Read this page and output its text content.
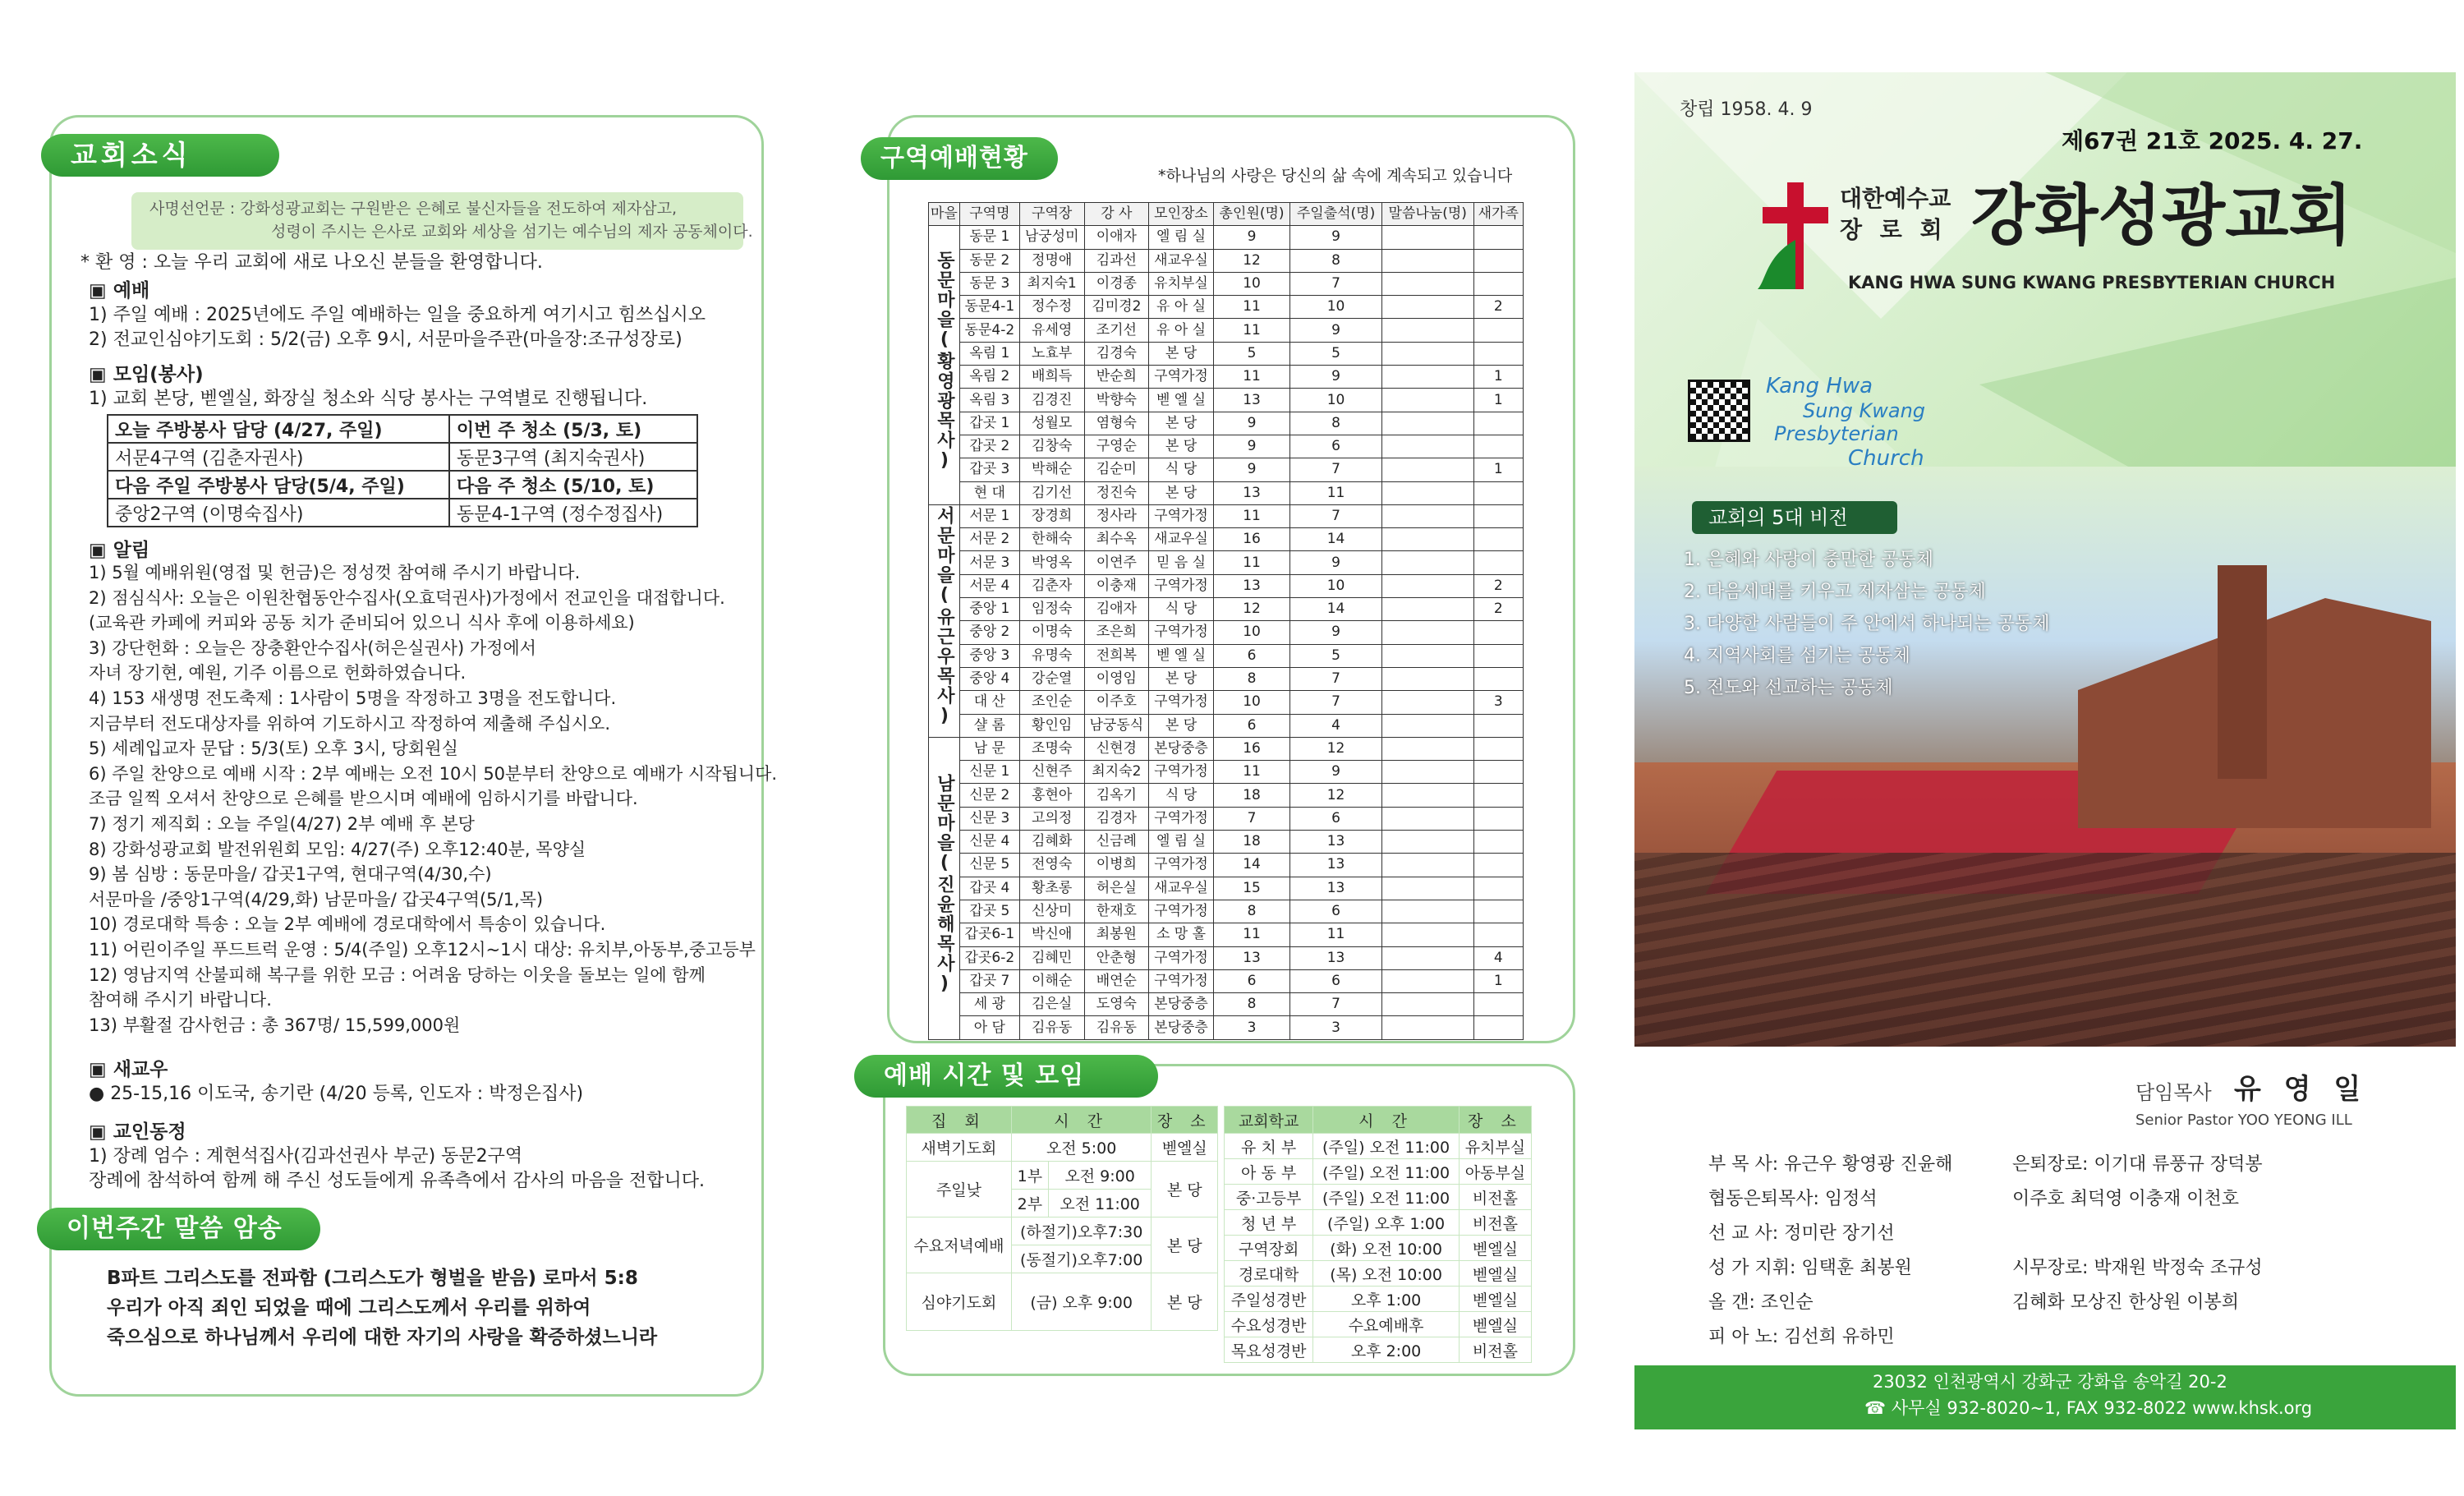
교회소식
사명선언문 : 강화성광교회는 구원받은 은혜로 불신자들을 전도하여 제자삼고,
성령이 주시는 은사로 교회와 세상을 섬기는 예수님의 제자 공동체이다.
* 환 영 : 오늘 우리 교회에 새로 나오신 분들을 환영합니다.
▣ 예배
1) 주일 예배 : 2025년에도 주일 예배하는 일을 중요하게 여기시고 힘쓰십시오
2) 전교인심야기도회 : 5/2(금) 오후 9시, 서문마을주관(마을장:조규성장로)
▣ 모임(봉사)
1) 교회 본당, 벧엘실, 화장실 청소와 식당 봉사는 구역별로 진행됩니다.
오늘 주방봉사 담당 (4/27, 주일)	이번 주 청소 (5/3, 토)
서문4구역 (김춘자권사)	동문3구역 (최지숙권사)
다음 주일 주방봉사 담당(5/4, 주일)	다음 주 청소 (5/10, 토)
중앙2구역 (이명숙집사)	동문4-1구역 (정수정집사)
▣ 알림
1) 5월 예배위원(영접 및 헌금)은 정성껏 참여해 주시기 바랍니다.
2) 점심식사: 오늘은 이원찬협동안수집사(오효덕권사)가정에서 전교인을 대접합니다.
(교육관 카페에 커피와 공동 치가 준비되어 있으니 식사 후에 이용하세요)
3) 강단헌화 : 오늘은 장충환안수집사(허은실권사) 가정에서
자녀 장기현, 예원, 기주 이름으로 헌화하였습니다.
4) 153 새생명 전도축제 : 1사람이 5명을 작정하고 3명을 전도합니다.
지금부터 전도대상자를 위하여 기도하시고 작정하여 제출해 주십시오.
5) 세례입교자 문답 : 5/3(토) 오후 3시, 당회원실
6) 주일 찬양으로 예배 시작 : 2부 예배는 오전 10시 50분부터 찬양으로 예배가 시작됩니다.
조금 일찍 오셔서 찬양으로 은혜를 받으시며 예배에 임하시기를 바랍니다.
7) 정기 제직회 : 오늘 주일(4/27) 2부 예배 후 본당
8) 강화성광교회 발전위원회 모임: 4/27(주) 오후12:40분, 목양실
9) 봄 심방 : 동문마을/ 갑곳1구역, 현대구역(4/30,수)
서문마을 /중앙1구역(4/29,화) 남문마을/ 갑곳4구역(5/1,목)
10) 경로대학 특송 : 오늘 2부 예배에 경로대학에서 특송이 있습니다.
11) 어린이주일 푸드트럭 운영 : 5/4(주일) 오후12시~1시 대상: 유치부,아동부,중고등부
12) 영남지역 산불피해 복구를 위한 모금 : 어려움 당하는 이웃을 돌보는 일에 함께
참여해 주시기 바랍니다.
13) 부활절 감사헌금 : 총 367명/ 15,599,000원
▣ 새교우
● 25-15,16 이도국, 송기란 (4/20 등록, 인도자 : 박정은집사)
▣ 교인동정
1) 장례 엄수 : 계현석집사(김과선권사 부군) 동문2구역
장례에 참석하여 함께 해 주신 성도들에게 유족측에서 감사의 마음을 전합니다.
이번주간 말씀 암송
B파트 그리스도를 전파함 (그리스도가 형벌을 받음) 로마서 5:8
우리가 아직 죄인 되었을 때에 그리스도께서 우리를 위하여
죽으심으로 하나님께서 우리에 대한 자기의 사랑을 확증하셨느니라
구역예배현황
*하나님의 사랑은 당신의 삶 속에 계속되고 있습니다
마을	구역명	구역장	강 사	모인장소	총인원(명)	주일출석(명)	말씀나눔(명)	새가족
동문마을(황영광목사)	동문 1	남궁성미	이애자	엘 림 실	9	9		
	동문 2	정명애	김과선	새교우실	12	8		
	동문 3	최지숙1	이경종	유치부실	10	7		
	동문4-1	정수정	김미경2	유 아 실	11	10		2
	동문4-2	유세영	조기선	유 아 실	11	9		
	옥림 1	노효부	김경숙	본 당	5	5		
	옥림 2	배희득	반순희	구역가정	11	9		1
	옥림 3	김경진	박향숙	벧 엘 실	13	10		1
	갑곳 1	성월모	염형숙	본 당	9	8		
	갑곳 2	김창숙	구영순	본 당	9	6		
	갑곳 3	박해순	김순미	식 당	9	7		1
	현 대	김기선	정진숙	본 당	13	11		
서문마을(유근우목사)	서문 1	장경희	정사라	구역가정	11	7		
	서문 2	한해숙	최수옥	새교우실	16	14		
	서문 3	박영옥	이연주	믿 음 실	11	9		
	서문 4	김춘자	이충재	구역가정	13	10		2
	중앙 1	임정숙	김애자	식 당	12	14		2
	중앙 2	이명숙	조은희	구역가정	10	9		
	중앙 3	유명숙	전희복	벧 엘 실	6	5		
	중앙 4	강순열	이영임	본 당	8	7		
	대 산	조인순	이주호	구역가정	10	7		3
	샬 롬	황인임	남궁동식	본 당	6	4		
남문마을(진윤해목사)	남 문	조명숙	신현경	본당중층	16	12		
	신문 1	신현주	최지숙2	구역가정	11	9		
	신문 2	홍현아	김옥기	식 당	18	12		
	신문 3	고의정	김경자	구역가정	7	6		
	신문 4	김혜화	신금례	엘 림 실	18	13		
	신문 5	전영숙	이병희	구역가정	14	13		
	갑곳 4	황초롱	허은실	새교우실	15	13		
	갑곳 5	신상미	한재호	구역가정	8	6		
	갑곳6-1	박신애	최봉원	소 망 홀	11	11		
	갑곳6-2	김혜민	안춘형	구역가정	13	13		4
	갑곳 7	이해순	배연순	구역가정	6	6		1
	세 광	김은실	도영숙	본당중층	8	7		
	아 담	김유동	김유동	본당중층	3	3		
예배 시간 및 모임
집 회	시 간		장 소
새벽기도회	오전 5:00		벧엘실
주일낮	1부	오전 9:00	본 당
	2부	오전 11:00	
수요저녁예배	(하절기)오후7:30		본 당
	(동절기)오후7:00		
심야기도회	(금) 오후 9:00		본 당
교회학교	시 간	장 소
유 치 부	(주일) 오전 11:00	유치부실
아 동 부	(주일) 오전 11:00	아동부실
중·고등부	(주일) 오전 11:00	비전홀
청 년 부	(주일) 오후 1:00	비전홀
구역장회	(화) 오전 10:00	벧엘실
경로대학	(목) 오전 10:00	벧엘실
주일성경반	오후 1:00	벧엘실
수요성경반	수요예배후	벧엘실
목요성경반	오후 2:00	비전홀
창립 1958. 4. 9
제67권 21호 2025. 4. 27.
대한예수교
장 로 회 강화성광교회
KANG HWA SUNG KWANG PRESBYTERIAN CHURCH
Kang Hwa
Sung Kwang
Presbyterian
Church
교회의 5대 비전
1. 은혜와 사랑이 충만한 공동체
2. 다음세대를 키우고 제자삼는 공동체
3. 다양한 사람들이 주 안에서 하나되는 공동체
4. 지역사회를 섬기는 공동체
5. 전도와 선교하는 공동체
담임목사 유 영 일
Senior Pastor YOO YEONG ILL
부 목 사: 유근우 황영광 진윤해
협동은퇴목사: 임정석
선 교 사: 정미란 장기선
성 가 지휘: 임택훈 최봉원
올 갠: 조인순
피 아 노: 김선희 유하민
은퇴장로: 이기대 류풍규 장덕봉
이주호 최덕영 이충재 이천호
시무장로: 박재원 박정숙 조규성
김혜화 모상진 한상원 이봉희
23032 인천광역시 강화군 강화읍 송악길 20-2
☎ 사무실 932-8020~1, FAX 932-8022 www.khsk.org
